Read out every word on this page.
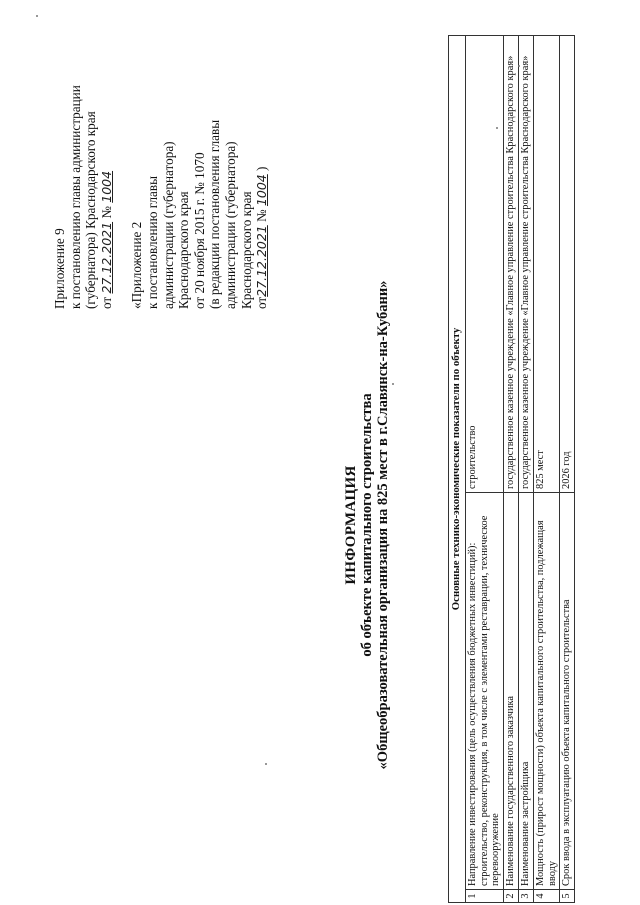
Приложение 9 к постановлению главы администрации (губернатора) Краснодарского края от 27.12.2021 № 1004
«Приложение 2 к постановлению главы администрации (губернатора) Краснодарского края от 20 ноября 2015 г. № 1070 (в редакции постановления главы администрации (губернатора) Краснодарского края от27.12.2021 № 1004 )
ИНФОРМАЦИЯ об объекте капитального строительства «Общеобразовательная организация на 825 мест в г.Славянск-на-Кубани»	Основные технико-экономические показатели по объекту		
1	Направление инвестирования (цель осуществления бюджетных инвестиций): строительство, реконструкция, в том числе с элементами реставрации, техническое перевооружение	строительство
2	Наименование государственного заказчика	государственное казенное учреждение «Главное управление строительства Краснодарского края»
3	Наименование застройщика	государственное казенное учреждение «Главное управление строительства Краснодарского края»
4	Мощность (прирост мощности) объекта капитального строительства, подлежащая вводу	825 мест
5	Срок ввода в эксплуатацию объекта капитального строительства	2026 год
